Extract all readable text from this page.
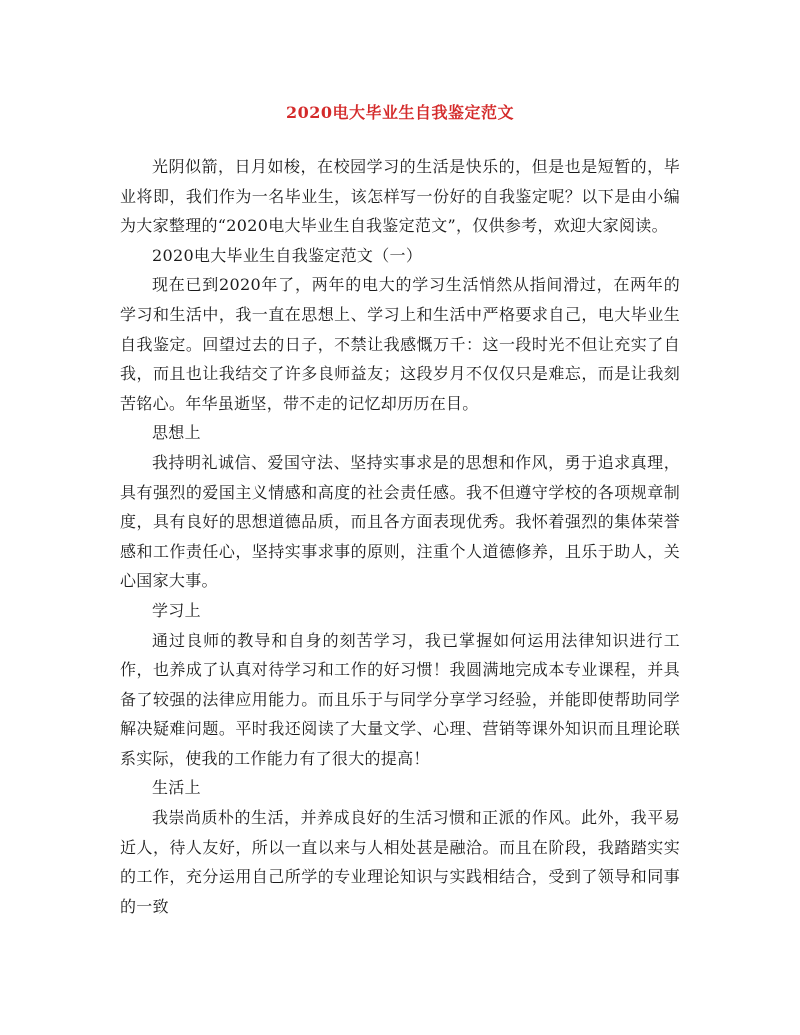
2020电大毕业生自我鉴定范文

光阴似箭，日月如梭，在校园学习的生活是快乐的，但是也是短暂的，毕业将即，我们作为一名毕业生，该怎样写一份好的自我鉴定呢？以下是由小编为大家整理的“2020电大毕业生自我鉴定范文”，仅供参考，欢迎大家阅读。

2020电大毕业生自我鉴定范文（一）

现在已到2020年了，两年的电大的学习生活悄然从指间滑过，在两年的学习和生活中，我一直在思想上、学习上和生活中严格要求自己，电大毕业生自我鉴定。回望过去的日子，不禁让我感慨万千：这一段时光不但让充实了自我，而且也让我结交了许多良师益友；这段岁月不仅仅只是难忘，而是让我刻苦铭心。年华虽逝坚，带不走的记忆却历历在目。

思想上

我持明礼诚信、爱国守法、坚持实事求是的思想和作风，勇于追求真理，具有强烈的爱国主义情感和高度的社会责任感。我不但遵守学校的各项规章制度，具有良好的思想道德品质，而且各方面表现优秀。我怀着强烈的集体荣誉感和工作责任心，坚持实事求事的原则，注重个人道德修养，且乐于助人，关心国家大事。

学习上

通过良师的教导和自身的刻苦学习，我已掌握如何运用法律知识进行工作，也养成了认真对待学习和工作的好习惯！我圆满地完成本专业课程，并具备了较强的法律应用能力。而且乐于与同学分享学习经验，并能即使帮助同学解决疑难问题。平时我还阅读了大量文学、心理、营销等课外知识而且理论联系实际，使我的工作能力有了很大的提高！

生活上

我崇尚质朴的生活，并养成良好的生活习惯和正派的作风。此外，我平易近人，待人友好，所以一直以来与人相处甚是融洽。而且在阶段，我踏踏实实的工作，充分运用自己所学的专业理论知识与实践相结合，受到了领导和同事的一致
